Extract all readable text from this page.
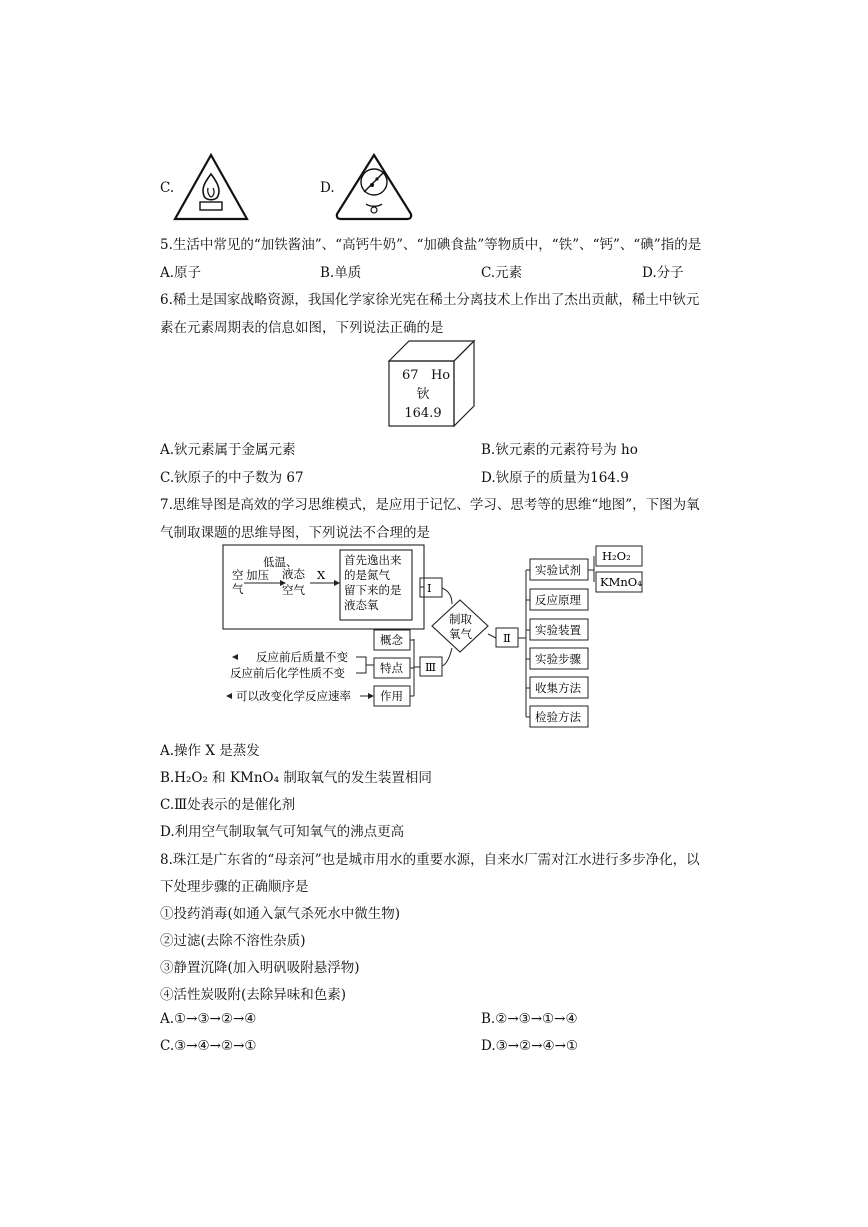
C.	D.
5.生活中常见的“加铁酱油”、“高钙牛奶”、“加碘食盐”等物质中，“铁”、“钙”、“碘”指的是
A.原子	B.单质	C.元素	D.分子
6.稀土是国家战略资源，我国化学家徐光宪在稀土分离技术上作出了杰出贡献，稀土中钬元
素在元素周期表的信息如图，下列说法正确的是
67 Ho
钬
164.9
A.钬元素属于金属元素	B.钬元素的元素符号为 ho
C.钬原子的中子数为 67	D.钬原子的质量为164.9
7.思维导图是高效的学习思维模式，是应用于记忆、学习、思考等的思维“地图”，下图为氧
气制取课题的思维导图，下列说法不合理的是
低温、
加压
空
气
液态
空气
X
首先逸出来
的是氮气
留下来的是
液态氧
Ⅰ
制取
氧气	Ⅱ
实验试剂
反应原理
实验装置
实验步骤
收集方法
检验方法
H₂O₂
KMnO₄
Ⅲ
概念
特点
作用
反应前后质量不变
反应前后化学性质不变
可以改变化学反应速率
A.操作 X 是蒸发
B.H₂O₂ 和 KMnO₄ 制取氧气的发生装置相同
C.Ⅲ处表示的是催化剂
D.利用空气制取氧气可知氧气的沸点更高
8.珠江是广东省的“母亲河”也是城市用水的重要水源，自来水厂需对江水进行多步净化，以
下处理步骤的正确顺序是
①投药消毒(如通入氯气杀死水中微生物)
②过滤(去除不溶性杂质)
③静置沉降(加入明矾吸附悬浮物)
④活性炭吸附(去除异味和色素)
A.①→③→②→④	B.②→③→①→④
C.③→④→②→①	D.③→②→④→①
